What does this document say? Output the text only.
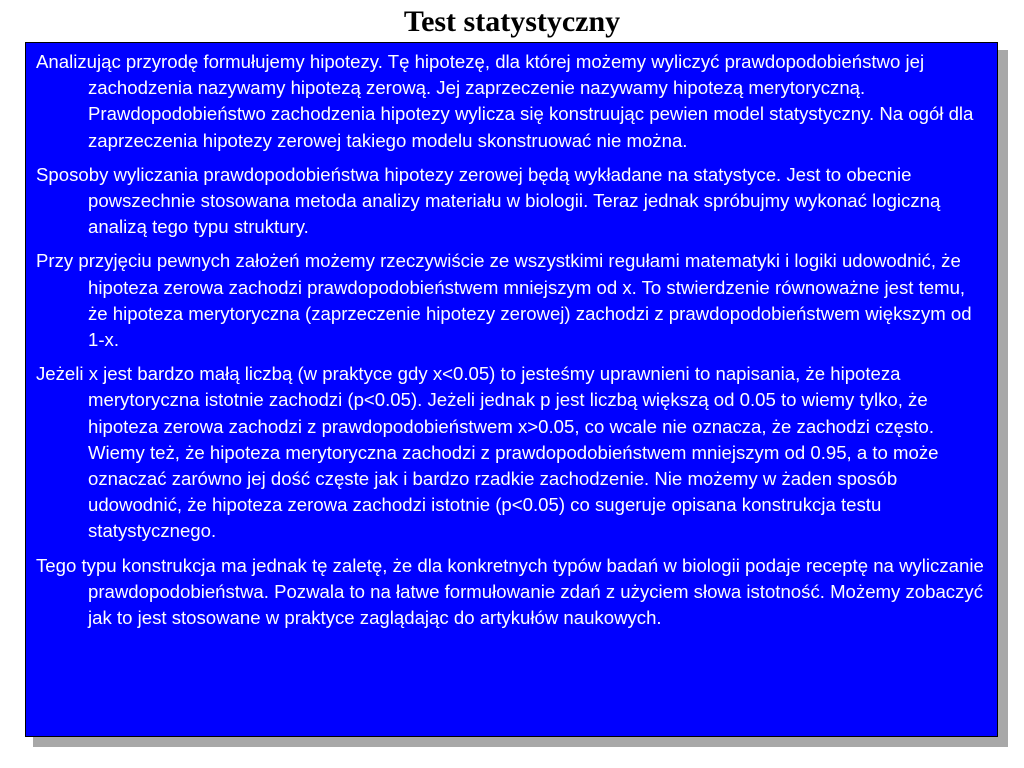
Test statystyczny

Analizując przyrodę formułujemy hipotezy. Tę hipotezę, dla której możemy wyliczyć prawdopodobieństwo jej zachodzenia nazywamy hipotezą zerową. Jej zaprzeczenie nazywamy hipotezą merytoryczną. Prawdopodobieństwo zachodzenia hipotezy wylicza się konstruując pewien model statystyczny. Na ogół dla zaprzeczenia hipotezy zerowej takiego modelu skonstruować nie można.

Sposoby wyliczania prawdopodobieństwa hipotezy zerowej będą wykładane na statystyce. Jest to obecnie powszechnie stosowana metoda analizy materiału w biologii. Teraz jednak spróbujmy wykonać logiczną analizą tego typu struktury.

Przy przyjęciu pewnych założeń możemy rzeczywiście ze wszystkimi regułami matematyki i logiki udowodnić, że hipoteza zerowa zachodzi prawdopodobieństwem mniejszym od x. To stwierdzenie równoważne jest temu, że hipoteza merytoryczna (zaprzeczenie hipotezy zerowej) zachodzi z prawdopodobieństwem większym od 1-x.

Jeżeli x jest bardzo małą liczbą (w praktyce gdy x<0.05) to jesteśmy uprawnieni to napisania, że hipoteza merytoryczna istotnie zachodzi (p<0.05). Jeżeli jednak p jest liczbą większą od 0.05 to wiemy tylko, że hipoteza zerowa zachodzi z prawdopodobieństwem x>0.05, co wcale nie oznacza, że zachodzi często. Wiemy też, że hipoteza merytoryczna zachodzi z prawdopodobieństwem mniejszym od 0.95, a to może oznaczać zarówno jej dość częste jak i bardzo rzadkie zachodzenie. Nie możemy w żaden sposób udowodnić, że hipoteza zerowa zachodzi istotnie (p<0.05) co sugeruje opisana konstrukcja testu statystycznego.

Tego typu konstrukcja ma jednak tę zaletę, że dla konkretnych typów badań w biologii podaje receptę na wyliczanie prawdopodobieństwa. Pozwala to na łatwe formułowanie zdań z użyciem słowa istotność. Możemy zobaczyć jak to jest stosowane w praktyce zaglądając do artykułów naukowych.
